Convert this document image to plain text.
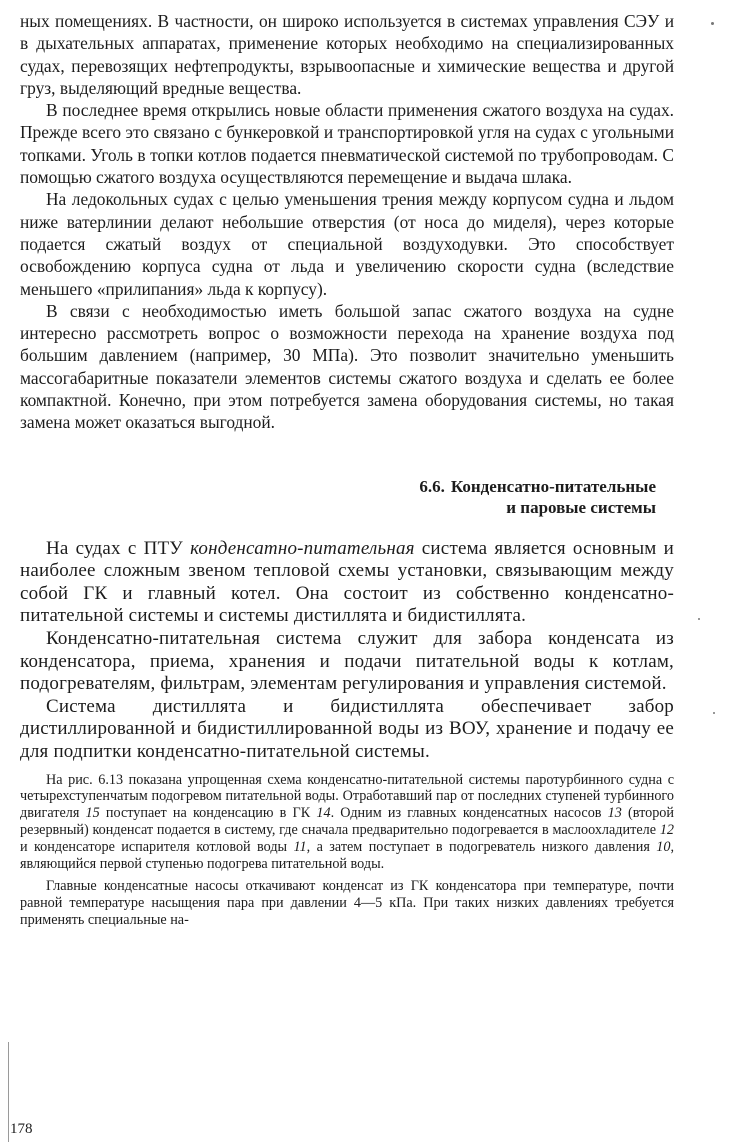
ных помещениях. В частности, он широко используется в системах управления СЭУ и в дыхательных аппаратах, применение которых необходимо на специализированных судах, перевозящих нефтепродукты, взрывоопасные и химические вещества и другой груз, выделяющий вредные вещества.

В последнее время открылись новые области применения сжатого воздуха на судах. Прежде всего это связано с бункеровкой и транспортировкой угля на судах с угольными топками. Уголь в топки котлов подается пневматической системой по трубопроводам. С помощью сжатого воздуха осуществляются перемещение и выдача шлака.

На ледокольных судах с целью уменьшения трения между корпусом судна и льдом ниже ватерлинии делают небольшие отверстия (от носа до миделя), через которые подается сжатый воздух от специальной воздуходувки. Это способствует освобождению корпуса судна от льда и увеличению скорости судна (вследствие меньшего «прилипания» льда к корпусу).

В связи с необходимостью иметь большой запас сжатого воздуха на судне интересно рассмотреть вопрос о возможности перехода на хранение воздуха под большим давлением (например, 30 МПа). Это позволит значительно уменьшить массогабаритные показатели элементов системы сжатого воздуха и сделать ее более компактной. Конечно, при этом потребуется замена оборудования системы, но такая замена может оказаться выгодной.

6.6. Конденсатно-питательные
и паровые системы

На судах с ПТУ конденсатно-питательная система является основным и наиболее сложным звеном тепловой схемы установки, связывающим между собой ГК и главный котел. Она состоит из собственно конденсатно-питательной системы и системы дистиллята и бидистиллята.

Конденсатно-питательная система служит для забора конденсата из конденсатора, приема, хранения и подачи питательной воды к котлам, подогревателям, фильтрам, элементам регулирования и управления системой.

Система дистиллята и бидистиллята обеспечивает забор дистиллированной и бидистиллированной воды из ВОУ, хранение и подачу ее для подпитки конденсатно-питательной системы.

На рис. 6.13 показана упрощенная схема конденсатно-питательной системы паротурбинного судна с четырехступенчатым подогревом питательной воды. Отработавший пар от последних ступеней турбинного двигателя 15 поступает на конденсацию в ГК 14. Одним из главных конденсатных насосов 13 (второй резервный) конденсат подается в систему, где сначала предварительно подогревается в маслоохладителе 12 и конденсаторе испарителя котловой воды 11, а затем поступает в подогреватель низкого давления 10, являющийся первой ступенью подогрева питательной воды.

Главные конденсатные насосы откачивают конденсат из ГК конденсатора при температуре, почти равной температуре насыщения пара при давлении 4—5 кПа. При таких низких давлениях требуется применять специальные на-

178
